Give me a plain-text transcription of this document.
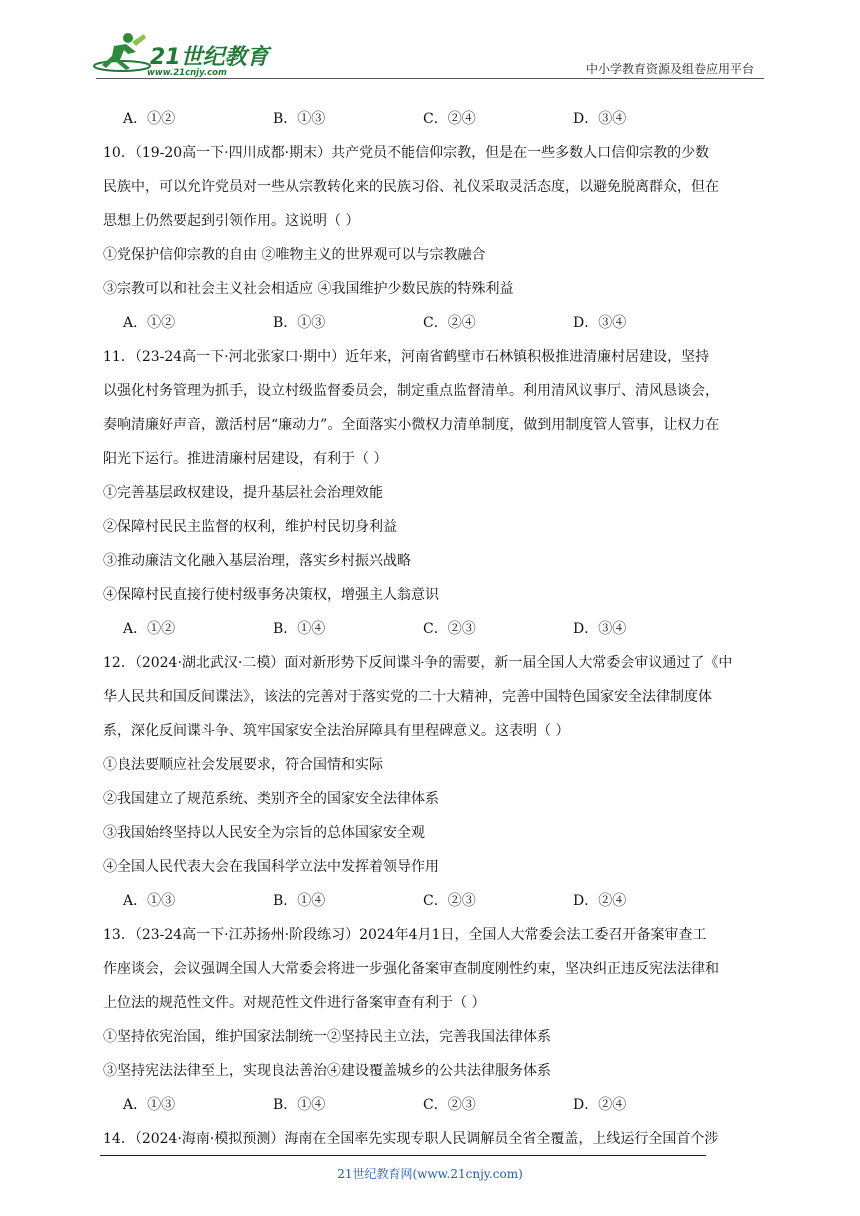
21世纪教育
www.21cnjy.com	中小学教育资源及组卷应用平台
A．①②	B．①③	C．②④	D．③④
10．（19-20高一下·四川成都·期末）共产党员不能信仰宗教，但是在一些多数人口信仰宗教的少数
民族中，可以允许党员对一些从宗教转化来的民族习俗、礼仪采取灵活态度，以避免脱离群众，但在
思想上仍然要起到引领作用。这说明（ ）
①党保护信仰宗教的自由 ②唯物主义的世界观可以与宗教融合
③宗教可以和社会主义社会相适应 ④我国维护少数民族的特殊利益
A．①②	B．①③	C．②④	D．③④
11．（23-24高一下·河北张家口·期中）近年来，河南省鹤壁市石林镇积极推进清廉村居建设，坚持
以强化村务管理为抓手，设立村级监督委员会，制定重点监督清单。利用清风议事厅、清风恳谈会，
奏响清廉好声音，激活村居“廉动力”。全面落实小微权力清单制度，做到用制度管人管事，让权力在
阳光下运行。推进清廉村居建设，有利于（ ）
①完善基层政权建设，提升基层社会治理效能
②保障村民民主监督的权利，维护村民切身利益
③推动廉洁文化融入基层治理，落实乡村振兴战略
④保障村民直接行使村级事务决策权，增强主人翁意识
A．①②	B．①④	C．②③	D．③④
12．（2024·湖北武汉·二模）面对新形势下反间谍斗争的需要，新一届全国人大常委会审议通过了《中
华人民共和国反间谍法》，该法的完善对于落实党的二十大精神，完善中国特色国家安全法律制度体
系，深化反间谍斗争、筑牢国家安全法治屏障具有里程碑意义。这表明（ ）
①良法要顺应社会发展要求，符合国情和实际
②我国建立了规范系统、类别齐全的国家安全法律体系
③我国始终坚持以人民安全为宗旨的总体国家安全观
④全国人民代表大会在我国科学立法中发挥着领导作用
A．①③	B．①④	C．②③	D．②④
13．（23-24高一下·江苏扬州·阶段练习）2024年4月1日，全国人大常委会法工委召开备案审查工
作座谈会，会议强调全国人大常委会将进一步强化备案审查制度刚性约束，坚决纠正违反宪法法律和
上位法的规范性文件。对规范性文件进行备案审查有利于（ ）
①坚持依宪治国，维护国家法制统一②坚持民主立法，完善我国法律体系
③坚持宪法法律至上，实现良法善治④建设覆盖城乡的公共法律服务体系
A．①③	B．①④	C．②③	D．②④
14．（2024·海南·模拟预测）海南在全国率先实现专职人民调解员全省全覆盖，上线运行全国首个涉
21世纪教育网(www.21cnjy.com)
